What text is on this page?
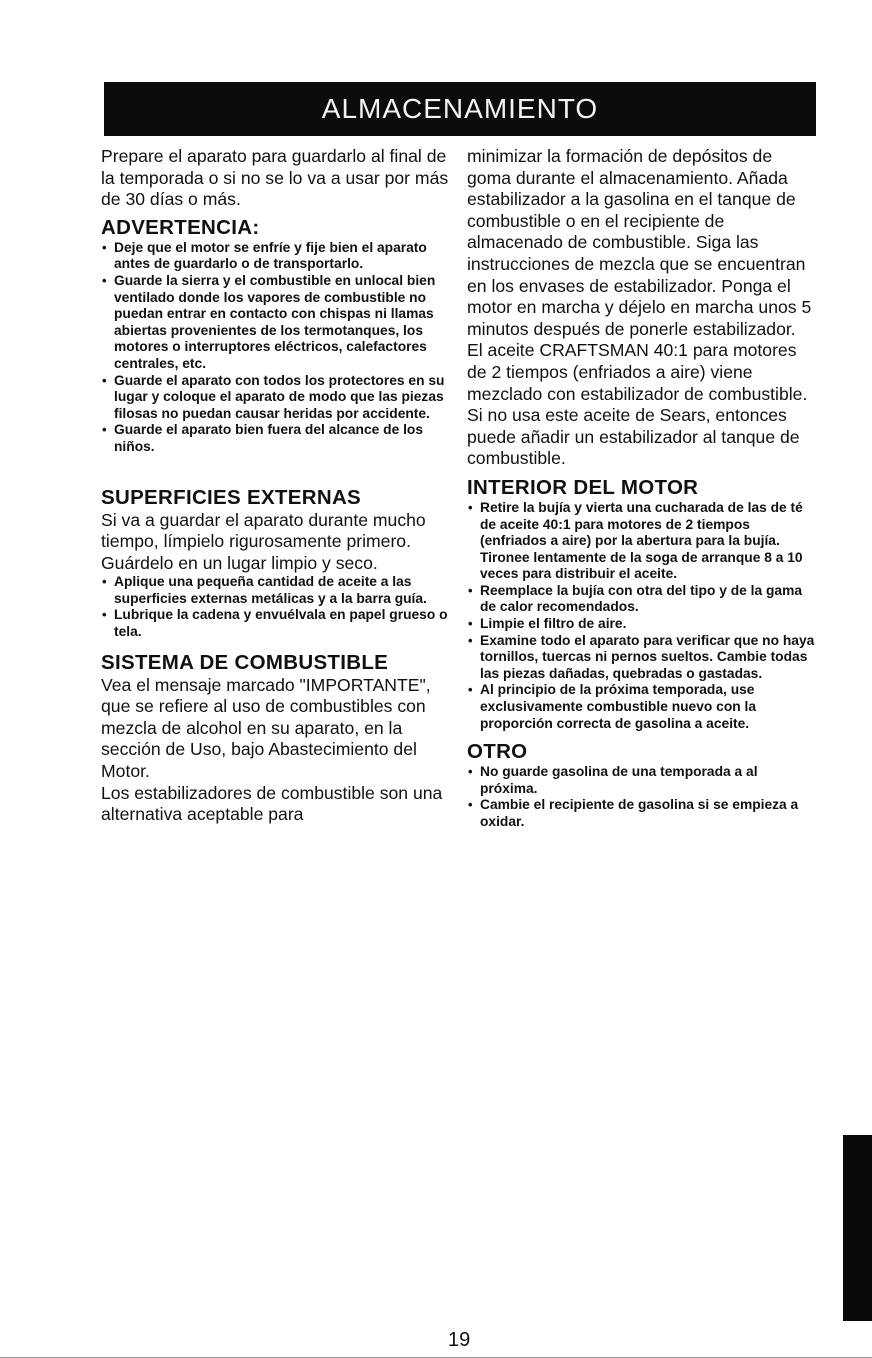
ALMACENAMIENTO

Prepare el aparato para guardarlo al final de la temporada o si no se lo va a usar por más de 30 días o más.

ADVERTENCIA:
• Deje que el motor se enfríe y fije bien el aparato antes de guardarlo o de transportarlo.
• Guarde la sierra y el combustible en unlocal bien ventilado donde los vapores de combustible no puedan entrar en contacto con chispas ni llamas abiertas provenientes de los termotanques, los motores o interruptores eléctricos, calefactores centrales, etc.
• Guarde el aparato con todos los protectores en su lugar y coloque el aparato de modo que las piezas filosas no puedan causar heridas por accidente.
• Guarde el aparato bien fuera del alcance de los niños.
SUPERFICIES EXTERNAS

Si va a guardar el aparato durante mucho tiempo, límpielo rigurosamente primero. Guárdelo en un lugar limpio y seco.

• Aplique una pequeña cantidad de aceite a las superficies externas metálicas y a la barra guía.
• Lubrique la cadena y envuélvala en papel grueso o tela.
SISTEMA DE COMBUSTIBLE

Vea el mensaje marcado "IMPORTANTE", que se refiere al uso de combustibles con mezcla de alcohol en su aparato, en la sección de Uso, bajo Abastecimiento del Motor.

Los estabilizadores de combustible son una alternativa aceptable para

minimizar la formación de depósitos de goma durante el almacenamiento. Añada estabilizador a la gasolina en el tanque de combustible o en el recipiente de almacenado de combustible. Siga las instrucciones de mezcla que se encuentran en los envases de estabilizador. Ponga el motor en marcha y déjelo en marcha unos 5 minutos después de ponerle estabilizador.

El aceite CRAFTSMAN 40:1 para motores de 2 tiempos (enfriados a aire) viene mezclado con estabilizador de combustible. Si no usa este aceite de Sears, entonces puede añadir un estabilizador al tanque de combustible.

INTERIOR DEL MOTOR
• Retire la bujía y vierta una cucharada de las de té de aceite 40:1 para motores de 2 tiempos (enfriados a aire) por la abertura para la bujía. Tironee lentamente de la soga de arranque 8 a 10 veces para distribuir el aceite.
• Reemplace la bujía con otra del tipo y de la gama de calor recomendados.
• Limpie el filtro de aire.
• Examine todo el aparato para verificar que no haya tornillos, tuercas ni pernos sueltos. Cambie todas las piezas dañadas, quebradas o gastadas.
• Al principio de la próxima temporada, use exclusivamente combustible nuevo con la proporción correcta de gasolina a aceite.
OTRO
• No guarde gasolina de una temporada a al próxima.
• Cambie el recipiente de gasolina si se empieza a oxidar.
19
